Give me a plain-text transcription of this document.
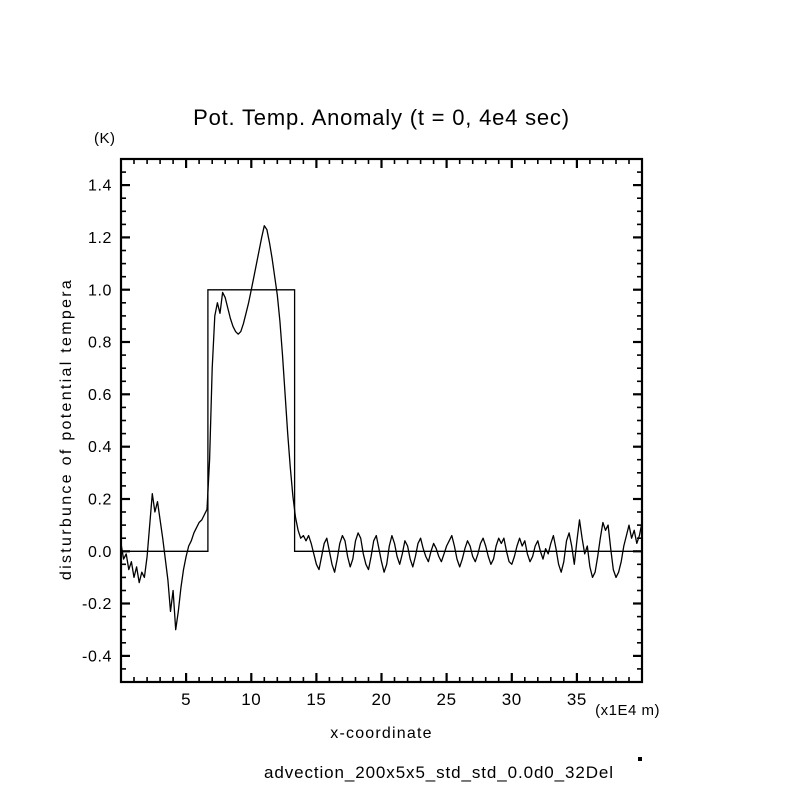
Pot. Temp. Anomaly (t = 0, 4e4 sec)
(K)
disturbunce of potential tempera
5	10	15	20	25	30	35
-0.4
-0.2
0.0
0.2
0.4
0.6
0.8
1.0
1.2
1.4
(x1E4 m)
x-coordinate
advection_200x5x5_std_std_0.0d0_32Del
